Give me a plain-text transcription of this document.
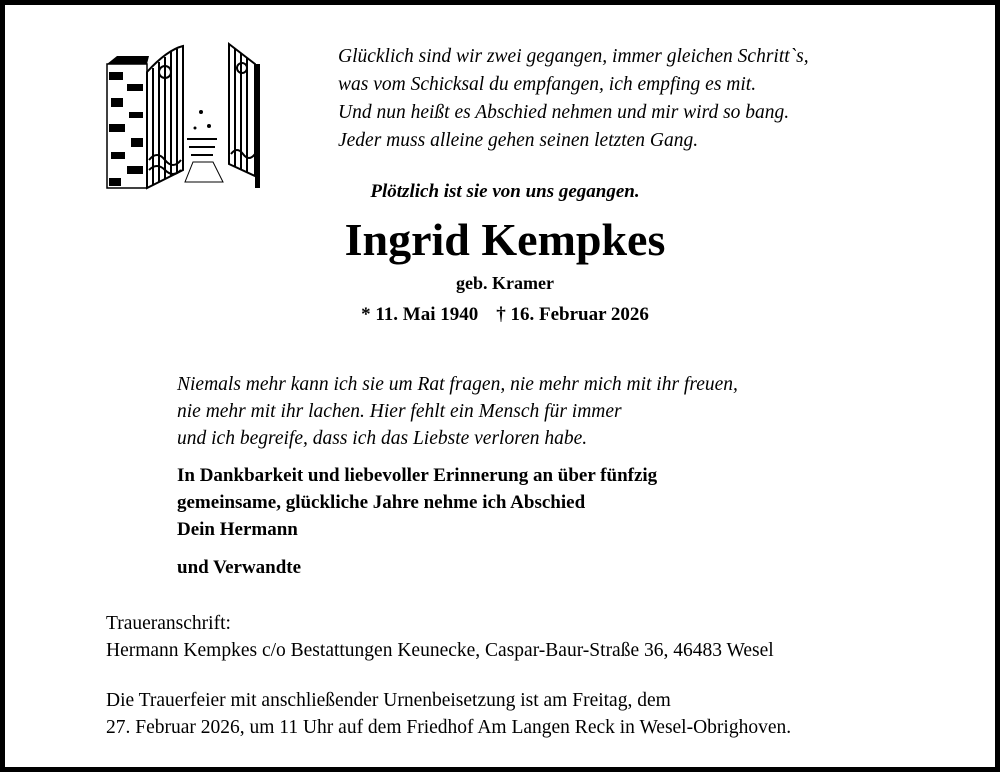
Glücklich sind wir zwei gegangen, immer gleichen Schritt`s,
was vom Schicksal du empfangen, ich empfing es mit.
Und nun heißt es Abschied nehmen und mir wird so bang.
Jeder muss alleine gehen seinen letzten Gang.
Plötzlich ist sie von uns gegangen.
Ingrid Kempkes
geb. Kramer
* 11. Mai 1940 † 16. Februar 2026
Niemals mehr kann ich sie um Rat fragen, nie mehr mich mit ihr freuen,
nie mehr mit ihr lachen. Hier fehlt ein Mensch für immer
und ich begreife, dass ich das Liebste verloren habe.
In Dankbarkeit und liebevoller Erinnerung an über fünfzig
gemeinsame, glückliche Jahre nehme ich Abschied
Dein Hermann
und Verwandte
Traueranschrift:
Hermann Kempkes c/o Bestattungen Keunecke, Caspar-Baur-Straße 36, 46483 Wesel
Die Trauerfeier mit anschließender Urnenbeisetzung ist am Freitag, dem
27. Februar 2026, um 11 Uhr auf dem Friedhof Am Langen Reck in Wesel-Obrighoven.
